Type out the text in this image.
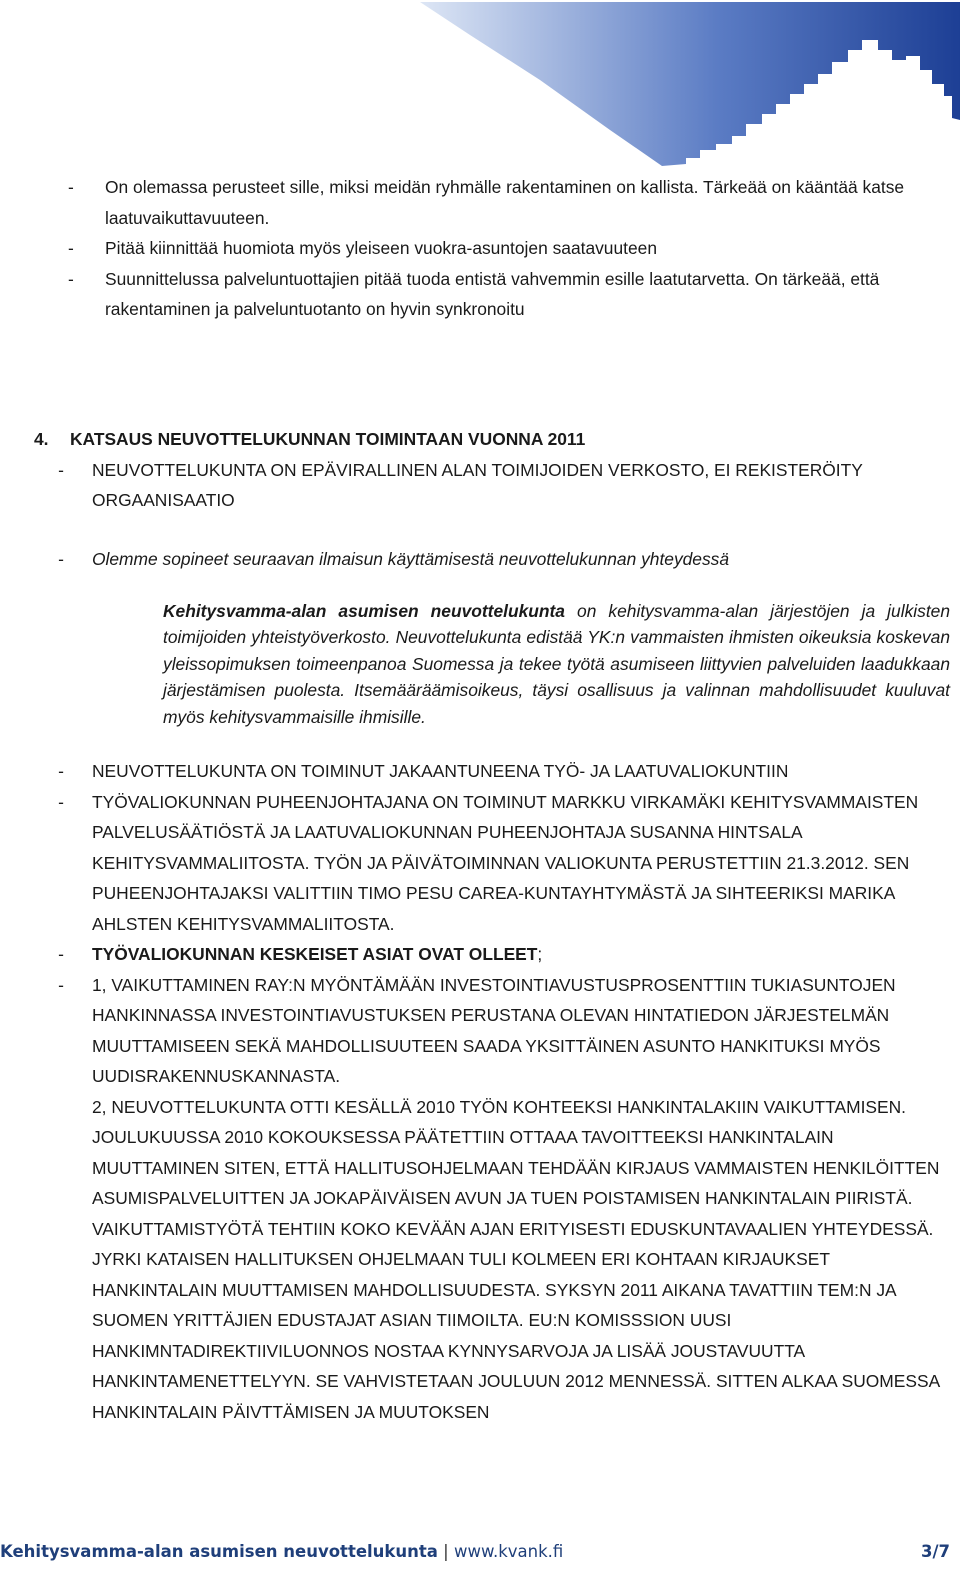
-	On olemassa perusteet sille, miksi meidän ryhmälle rakentaminen on kallista. Tärkeää on kääntää katse laatuvaikuttavuuteen.
-	Pitää kiinnittää huomiota myös yleiseen vuokra-asuntojen saatavuuteen
-	Suunnittelussa palveluntuottajien pitää tuoda entistä vahvemmin esille laatutarvetta. On tärkeää, että rakentaminen ja palveluntuotanto on hyvin synkronoitu
4. KATSAUS NEUVOTTELUKUNNAN TOIMINTAAN VUONNA 2011
-	NEUVOTTELUKUNTA ON EPÄVIRALLINEN ALAN TOIMIJOIDEN VERKOSTO, EI REKISTERÖITY ORGAANISAATIO
-	Olemme sopineet seuraavan ilmaisun käyttämisestä neuvottelukunnan yhteydessä
Kehitysvamma-alan asumisen neuvottelukunta on kehitysvamma-alan järjestöjen ja julkisten toimijoiden yhteistyöverkosto. Neuvottelukunta edistää YK:n vammaisten ihmisten oikeuksia koskevan yleissopimuksen toimeenpanoa Suomessa ja tekee työtä asumiseen liittyvien palveluiden laadukkaan järjestämisen puolesta. Itsemääräämisoikeus, täysi osallisuus ja valinnan mahdollisuudet kuuluvat myös kehitysvammaisille ihmisille.
-	NEUVOTTELUKUNTA ON TOIMINUT JAKAANTUNEENA TYÖ- JA LAATUVALIOKUNTIIN
-	TYÖVALIOKUNNAN PUHEENJOHTAJANA ON TOIMINUT MARKKU VIRKAMÄKI KEHITYSVAMMAISTEN PALVELUSÄÄTIÖSTÄ JA LAATUVALIOKUNNAN PUHEENJOHTAJA SUSANNA HINTSALA KEHITYSVAMMALIITOSTA. TYÖN JA PÄIVÄTOIMINNAN VALIOKUNTA PERUSTETTIIN 21.3.2012. SEN PUHEENJOHTAJAKSI VALITTIIN TIMO PESU CAREA-KUNTAYHTYMÄSTÄ JA SIHTEERIKSI MARIKA AHLSTEN KEHITYSVAMMALIITOSTA.
-	TYÖVALIOKUNNAN KESKEISET ASIAT OVAT OLLEET;
-	1, VAIKUTTAMINEN RAY:N MYÖNTÄMÄÄN INVESTOINTIAVUSTUSPROSENTTIIN TUKIASUNTOJEN HANKINNASSA INVESTOINTIAVUSTUKSEN PERUSTANA OLEVAN HINTATIEDON JÄRJESTELMÄN MUUTTAMISEEN SEKÄ MAHDOLLISUUTEEN SAADA YKSITTÄINEN ASUNTO HANKITUKSI MYÖS UUDISRAKENNUSKANNASTA.
2, NEUVOTTELUKUNTA OTTI KESÄLLÄ 2010 TYÖN KOHTEEKSI HANKINTALAKIIN VAIKUTTAMISEN. JOULUKUUSSA 2010 KOKOUKSESSA PÄÄTETTIIN OTTAAA TAVOITTEEKSI HANKINTALAIN MUUTTAMINEN SITEN, ETTÄ HALLITUSOHJELMAAN TEHDÄÄN KIRJAUS VAMMAISTEN HENKILÖITTEN ASUMISPALVELUITTEN JA JOKAPÄIVÄISEN AVUN JA TUEN POISTAMISEN HANKINTALAIN PIIRISTÄ. VAIKUTTAMISTYÖTÄ TEHTIIN KOKO KEVÄÄN AJAN ERITYISESTI EDUSKUNTAVAALIEN YHTEYDESSÄ. JYRKI KATAISEN HALLITUKSEN OHJELMAAN TULI KOLMEEN ERI KOHTAAN KIRJAUKSET HANKINTALAIN MUUTTAMISEN MAHDOLLISUUDESTA. SYKSYN 2011 AIKANA TAVATTIIN TEM:N JA SUOMEN YRITTÄJIEN EDUSTAJAT ASIAN TIIMOILTA. EU:N KOMISSSION UUSI HANKIMNTADIREKTIIVILUONNOS NOSTAA KYNNYSARVOJA JA LISÄÄ JOUSTAVUUTTA HANKINTAMENETTELYYN. SE VAHVISTETAAN JOULUUN 2012 MENNESSÄ. SITTEN ALKAA SUOMESSA HANKINTALAIN PÄIVTTÄMISEN JA MUUTOKSEN
Kehitysvamma-alan asumisen neuvottelukunta | www.kvank.fi	3/7
